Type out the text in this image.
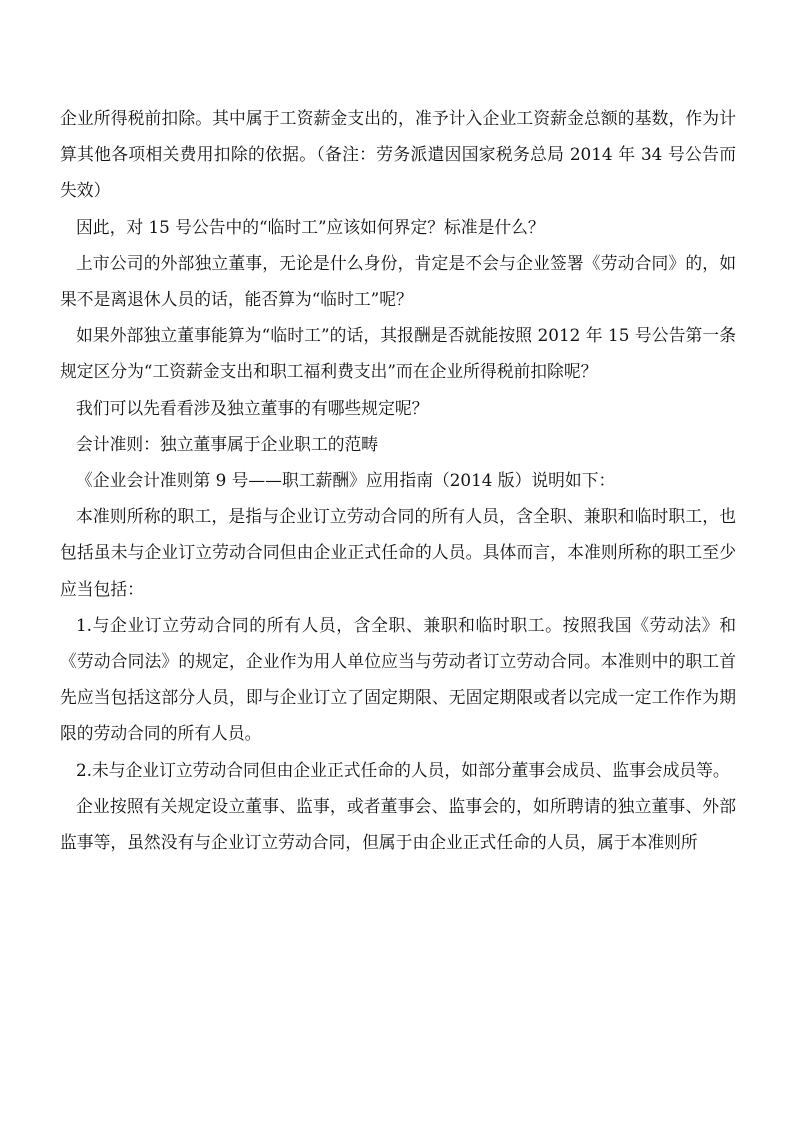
企业所得税前扣除。其中属于工资薪金支出的，准予计入企业工资薪金总额的基数，作为计算其他各项相关费用扣除的依据。（备注：劳务派遣因国家税务总局 2014 年 34 号公告而失效）

因此，对 15 号公告中的“临时工”应该如何界定？标准是什么？

上市公司的外部独立董事，无论是什么身份，肯定是不会与企业签署《劳动合同》的，如果不是离退休人员的话，能否算为“临时工”呢？

如果外部独立董事能算为“临时工”的话，其报酬是否就能按照 2012 年 15 号公告第一条规定区分为“工资薪金支出和职工福利费支出”而在企业所得税前扣除呢？

我们可以先看看涉及独立董事的有哪些规定呢？

会计准则：独立董事属于企业职工的范畴

《企业会计准则第 9 号——职工薪酬》应用指南（2014 版）说明如下：

本准则所称的职工，是指与企业订立劳动合同的所有人员，含全职、兼职和临时职工，也包括虽未与企业订立劳动合同但由企业正式任命的人员。具体而言，本准则所称的职工至少应当包括：

1.与企业订立劳动合同的所有人员，含全职、兼职和临时职工。按照我国《劳动法》和《劳动合同法》的规定，企业作为用人单位应当与劳动者订立劳动合同。本准则中的职工首先应当包括这部分人员，即与企业订立了固定期限、无固定期限或者以完成一定工作作为期限的劳动合同的所有人员。

2.未与企业订立劳动合同但由企业正式任命的人员，如部分董事会成员、监事会成员等。

企业按照有关规定设立董事、监事，或者董事会、监事会的，如所聘请的独立董事、外部监事等，虽然没有与企业订立劳动合同，但属于由企业正式任命的人员，属于本准则所
